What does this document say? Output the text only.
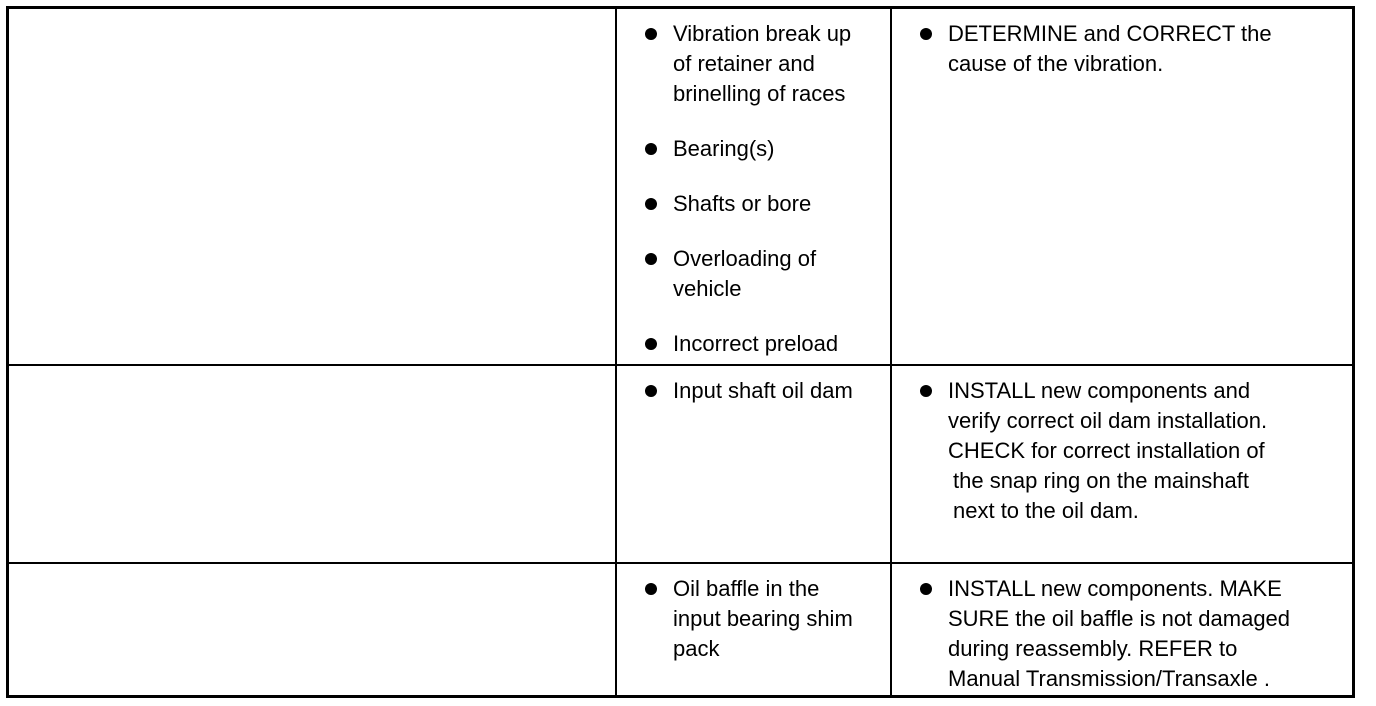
Vibration break up
of retainer and
brinelling of races
Bearing(s)
Shafts or bore
Overloading of
vehicle
Incorrect preload
DETERMINE and CORRECT the
cause of the vibration.
Input shaft oil dam	INSTALL new components and
verify correct oil dam installation.
CHECK for correct installation of
the snap ring on the mainshaft
next to the oil dam.
Oil baffle in the
input bearing shim
pack
INSTALL new components. MAKE
SURE the oil baffle is not damaged
during reassembly. REFER to
Manual Transmission/Transaxle .
